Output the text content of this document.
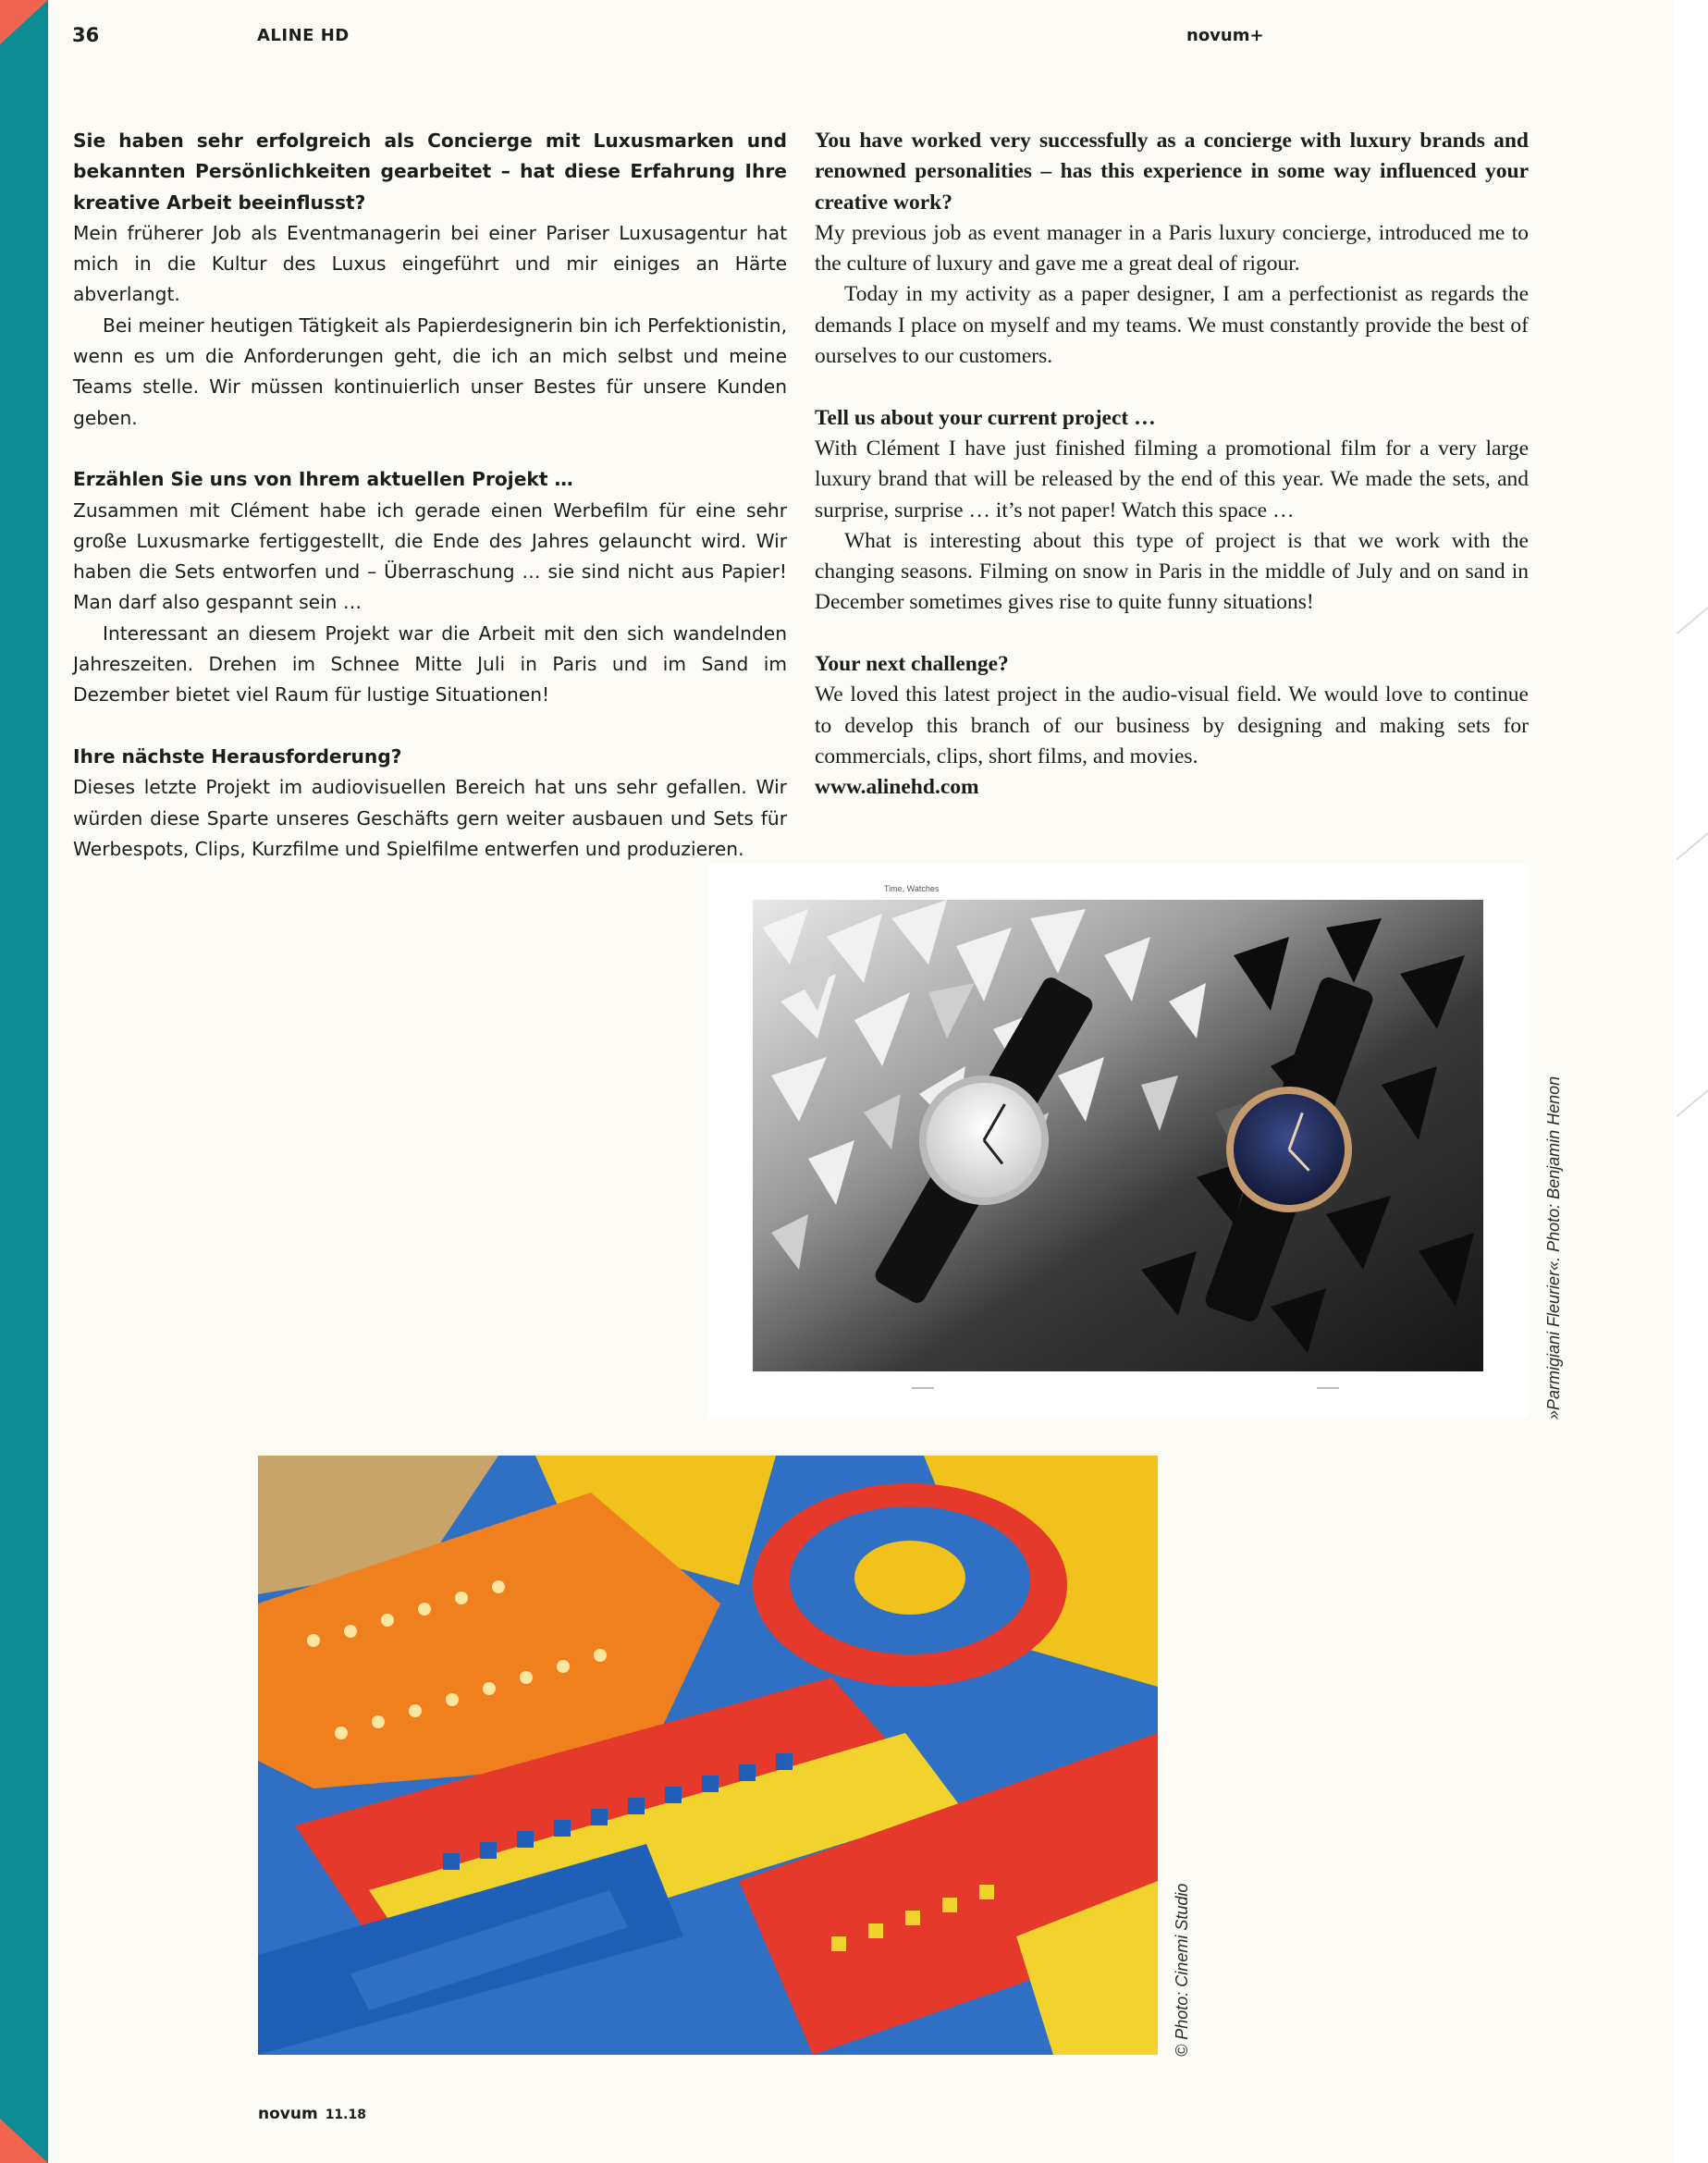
36	ALINE HD	novum+
Sie haben sehr erfolgreich als Concierge mit Luxusmarken und bekannten Persönlichkeiten gearbeitet – hat diese Erfahrung Ihre kreative Arbeit beeinflusst?

Mein früherer Job als Eventmanagerin bei einer Pariser Luxusagentur hat mich in die Kultur des Luxus eingeführt und mir einiges an Härte abverlangt.

Bei meiner heutigen Tätigkeit als Papierdesignerin bin ich Perfektionistin, wenn es um die Anforderungen geht, die ich an mich selbst und meine Teams stelle. Wir müssen kontinuierlich unser Bestes für unsere Kunden geben.

Erzählen Sie uns von Ihrem aktuellen Projekt …

Zusammen mit Clément habe ich gerade einen Werbefilm für eine sehr große Luxusmarke fertiggestellt, die Ende des Jahres gelauncht wird. Wir haben die Sets entworfen und – Überraschung … sie sind nicht aus Papier! Man darf also gespannt sein …

Interessant an diesem Projekt war die Arbeit mit den sich wandelnden Jahreszeiten. Drehen im Schnee Mitte Juli in Paris und im Sand im Dezember bietet viel Raum für lustige Situationen!

Ihre nächste Herausforderung?

Dieses letzte Projekt im audiovisuellen Bereich hat uns sehr gefallen. Wir würden diese Sparte unseres Geschäfts gern weiter ausbauen und Sets für Werbespots, Clips, Kurzfilme und Spielfilme entwerfen und produzieren.

You have worked very successfully as a concierge with luxury brands and renowned personalities – has this experience in some way influenced your creative work?

My previous job as event manager in a Paris luxury concierge, introduced me to the culture of luxury and gave me a great deal of rigour.

Today in my activity as a paper designer, I am a perfectionist as regards the demands I place on myself and my teams. We must constantly provide the best of ourselves to our customers.

Tell us about your current project …

With Clément I have just finished filming a promotional film for a very large luxury brand that will be released by the end of this year. We made the sets, and surprise, surprise … it’s not paper! Watch this space …

What is interesting about this type of project is that we work with the changing seasons. Filming on snow in Paris in the middle of July and on sand in December sometimes gives rise to quite funny situations!

Your next challenge?

We loved this latest project in the audio-visual field. We would love to continue to develop this branch of our business by designing and making sets for commercials, clips, short films, and movies.

www.alinehd.com
Time, Watches
»Parmigiani Fleurier«. Photo: Benjamin Henon
© Photo: Cinemi Studio
novum 11.18
